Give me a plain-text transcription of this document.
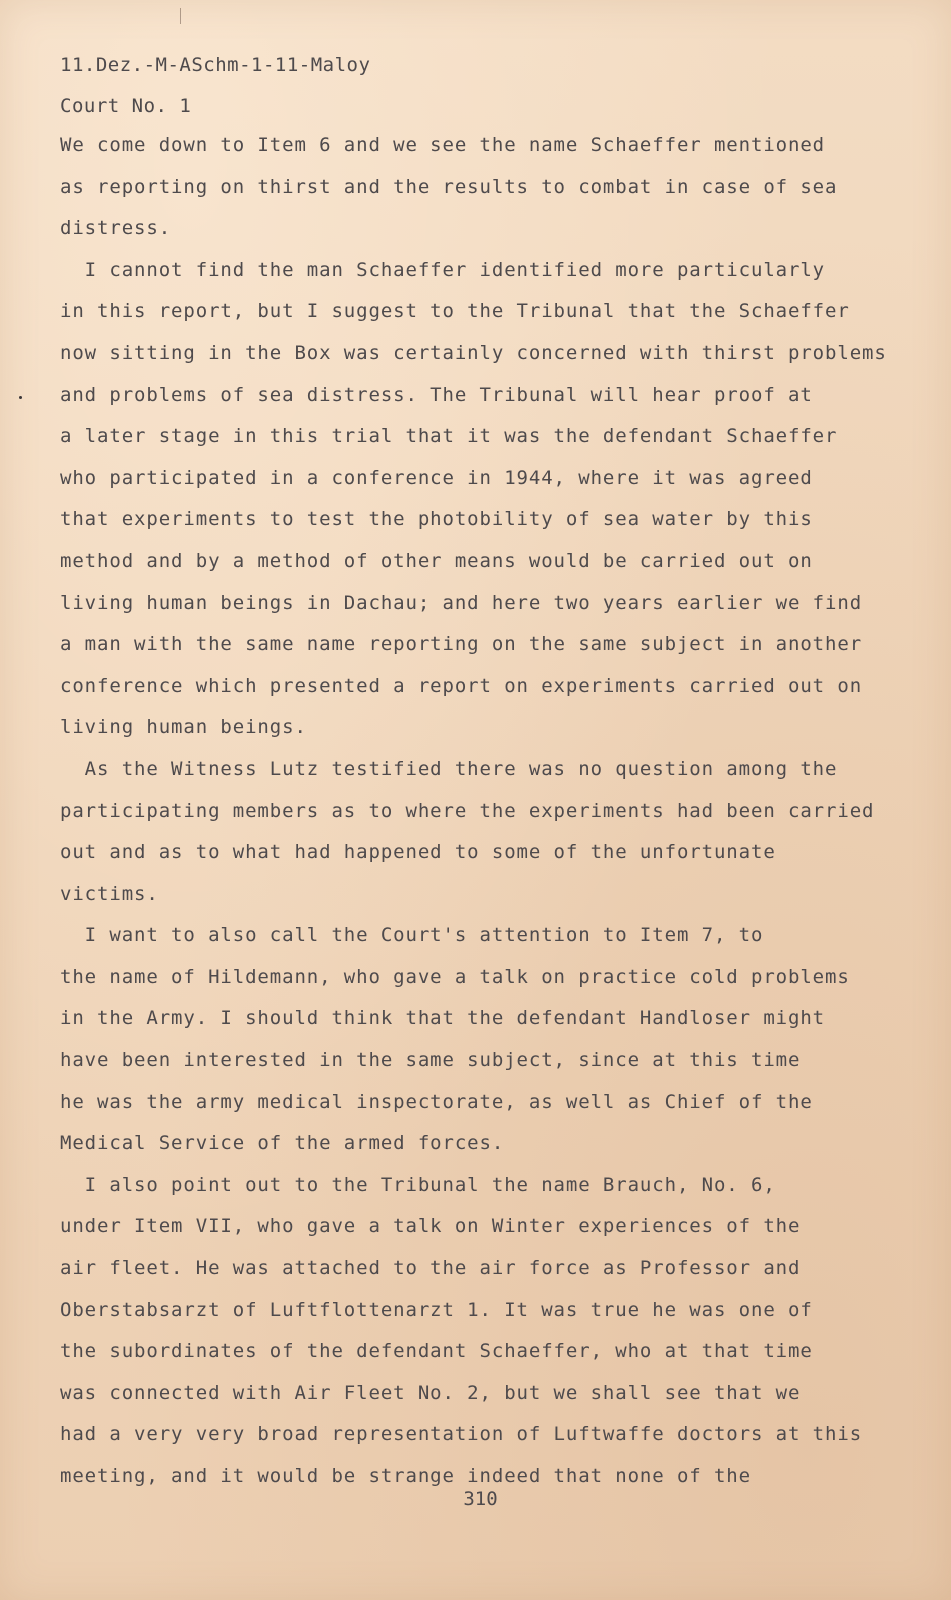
11.Dez.-M-ASchm-1-11-Maloy
Court No. 1
We come down to Item 6 and we see the name Schaeffer mentioned
as reporting on thirst and the results to combat in case of sea
distress.
I cannot find the man Schaeffer identified more particularly
in this report, but I suggest to the Tribunal that the Schaeffer
now sitting in the Box was certainly concerned with thirst problems
and problems of sea distress. The Tribunal will hear proof at
a later stage in this trial that it was the defendant Schaeffer
who participated in a conference in 1944, where it was agreed
that experiments to test the photobility of sea water by this
method and by a method of other means would be carried out on
living human beings in Dachau; and here two years earlier we find
a man with the same name reporting on the same subject in another
conference which presented a report on experiments carried out on
living human beings.
As the Witness Lutz testified there was no question among the
participating members as to where the experiments had been carried
out and as to what had happened to some of the unfortunate
victims.
I want to also call the Court's attention to Item 7, to
the name of Hildemann, who gave a talk on practice cold problems
in the Army. I should think that the defendant Handloser might
have been interested in the same subject, since at this time
he was the army medical inspectorate, as well as Chief of the
Medical Service of the armed forces.
I also point out to the Tribunal the name Brauch, No. 6,
under Item VII, who gave a talk on Winter experiences of the
air fleet. He was attached to the air force as Professor and
Oberstabsarzt of Luftflottenarzt 1. It was true he was one of
the subordinates of the defendant Schaeffer, who at that time
was connected with Air Fleet No. 2, but we shall see that we
had a very very broad representation of Luftwaffe doctors at this
meeting, and it would be strange indeed that none of the
310
